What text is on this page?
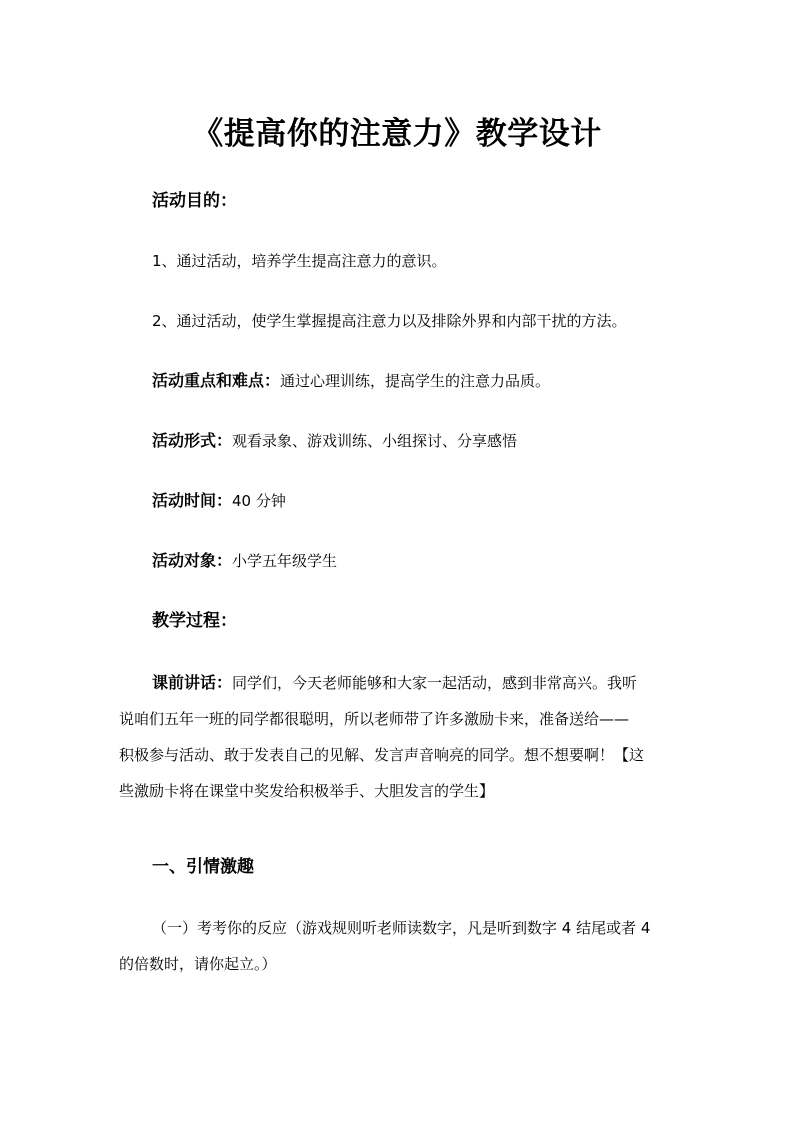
《提高你的注意力》教学设计
活动目的：
1、通过活动，培养学生提高注意力的意识。
2、通过活动，使学生掌握提高注意力以及排除外界和内部干扰的方法。
活动重点和难点：通过心理训练，提高学生的注意力品质。
活动形式：观看录象、游戏训练、小组探讨、分享感悟
活动时间：40 分钟
活动对象：小学五年级学生
教学过程：
课前讲话：同学们，今天老师能够和大家一起活动，感到非常高兴。我听
说咱们五年一班的同学都很聪明，所以老师带了许多激励卡来，准备送给——
积极参与活动、敢于发表自己的见解、发言声音响亮的同学。想不想要啊！【这
些激励卡将在课堂中奖发给积极举手、大胆发言的学生】
一、引情激趣
（一）考考你的反应（游戏规则听老师读数字，凡是听到数字 4 结尾或者 4
的倍数时，请你起立。）
